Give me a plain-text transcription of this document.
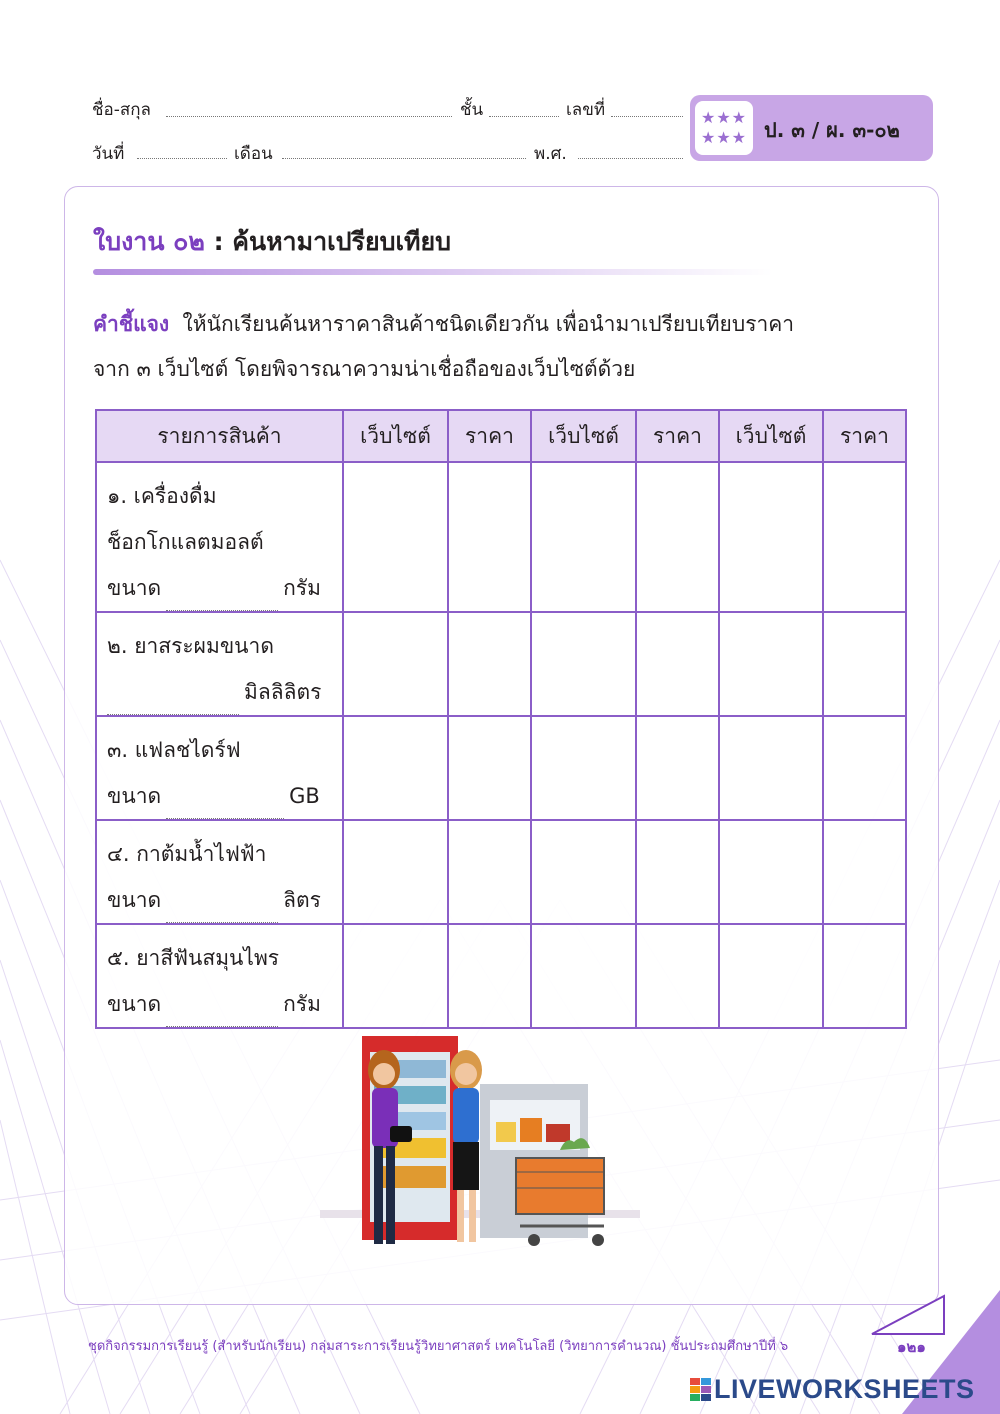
ชื่อ-สกุล	ชั้น	เลขที่
วันที่	เดือน	พ.ศ.
★★★
★★★ ป. ๓ / ผ. ๓-๐๒
ใบงาน ๐๒ : ค้นหามาเปรียบเทียบ
คำชี้แจง ให้นักเรียนค้นหาราคาสินค้าชนิดเดียวกัน เพื่อนำมาเปรียบเทียบราคา
จาก ๓ เว็บไซต์ โดยพิจารณาความน่าเชื่อถือของเว็บไซต์ด้วย
รายการสินค้า	เว็บไซต์	ราคา	เว็บไซต์	ราคา	เว็บไซต์	ราคา

๑. เครื่องดื่ม
ช็อกโกแลตมอลต์
ขนาด กรัม						

๒. ยาสระผมขนาด
มิลลิลิตร						

๓. แฟลชไดร์ฟ
ขนาด GB						

๔. กาต้มน้ำไฟฟ้า
ขนาด ลิตร						

๕. ยาสีฟันสมุนไพร
ขนาด กรัม						

ชุดกิจกรรมการเรียนรู้ (สำหรับนักเรียน) กลุ่มสาระการเรียนรู้วิทยาศาสตร์ เทคโนโลยี (วิทยาการคำนวณ) ชั้นประถมศึกษาปีที่ ๖	๑๒๑
LIVEWORKSHEETS
